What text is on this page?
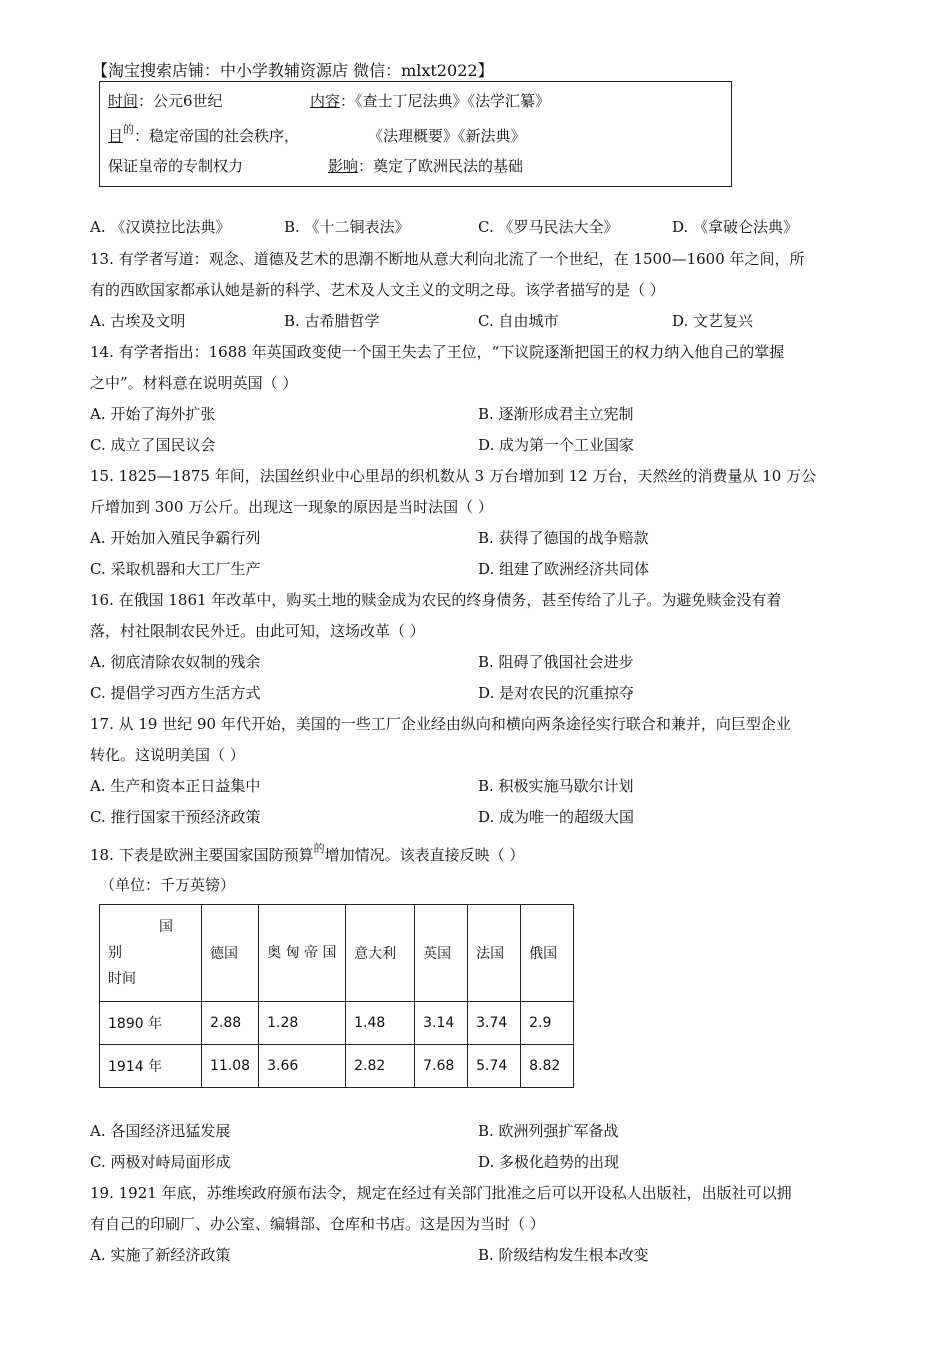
【淘宝搜索店铺：中小学教辅资源店 微信：mlxt2022】
时间：公元6世纪	内容：《查士丁尼法典》《法学汇纂》
目$^的$：稳定帝国的社会秩序，	《法理概要》《新法典》
保证皇帝的专制权力	影响：奠定了欧洲民法的基础
A. 《汉谟拉比法典》	B. 《十二铜表法》	C. 《罗马民法大全》	D. 《拿破仑法典》
13. 有学者写道：观念、道德及艺术的思潮不断地从意大利向北流了一个世纪，在 1500—1600 年之间，所
有的西欧国家都承认她是新的科学、艺术及人文主义的文明之母。该学者描写的是（ ）
A. 古埃及文明	B. 古希腊哲学	C. 自由城市	D. 文艺复兴
14. 有学者指出：1688 年英国政变使一个国王失去了王位，“下议院逐渐把国王的权力纳入他自己的掌握
之中”。材料意在说明英国（ ）
A. 开始了海外扩张	B. 逐渐形成君主立宪制
C. 成立了国民议会	D. 成为第一个工业国家
15. 1825—1875 年间，法国丝织业中心里昂的织机数从 3 万台增加到 12 万台，天然丝的消费量从 10 万公
斤增加到 300 万公斤。出现这一现象的原因是当时法国（ ）
A. 开始加入殖民争霸行列	B. 获得了德国的战争赔款
C. 采取机器和大工厂生产	D. 组建了欧洲经济共同体
16. 在俄国 1861 年改革中，购买土地的赎金成为农民的终身债务，甚至传给了儿子。为避免赎金没有着
落，村社限制农民外迁。由此可知，这场改革（ ）
A. 彻底清除农奴制的残余	B. 阻碍了俄国社会进步
C. 提倡学习西方生活方式	D. 是对农民的沉重掠夺
17. 从 19 世纪 90 年代开始，美国的一些工厂企业经由纵向和横向两条途径实行联合和兼并，向巨型企业
转化。这说明美国（ ）
A. 生产和资本正日益集中	B. 积极实施马歇尔计划
C. 推行国家干预经济政策	D. 成为唯一的超级大国
18. 下表是欧洲主要国家国防预算$^的$增加情况。该表直接反映（ ）
（单位：千万英镑）
国
别
时间	德国	奥 匈 帝 国	意大利	英国	法国	俄国
1890 年	2.88	1.28	1.48	3.14	3.74	2.9
1914 年	11.08	3.66	2.82	7.68	5.74	8.82
A. 各国经济迅猛发展	B. 欧洲列强扩军备战
C. 两极对峙局面形成	D. 多极化趋势的出现
19. 1921 年底，苏维埃政府颁布法令，规定在经过有关部门批准之后可以开设私人出版社，出版社可以拥
有自己的印刷厂、办公室、编辑部、仓库和书店。这是因为当时（ ）
A. 实施了新经济政策	B. 阶级结构发生根本改变
